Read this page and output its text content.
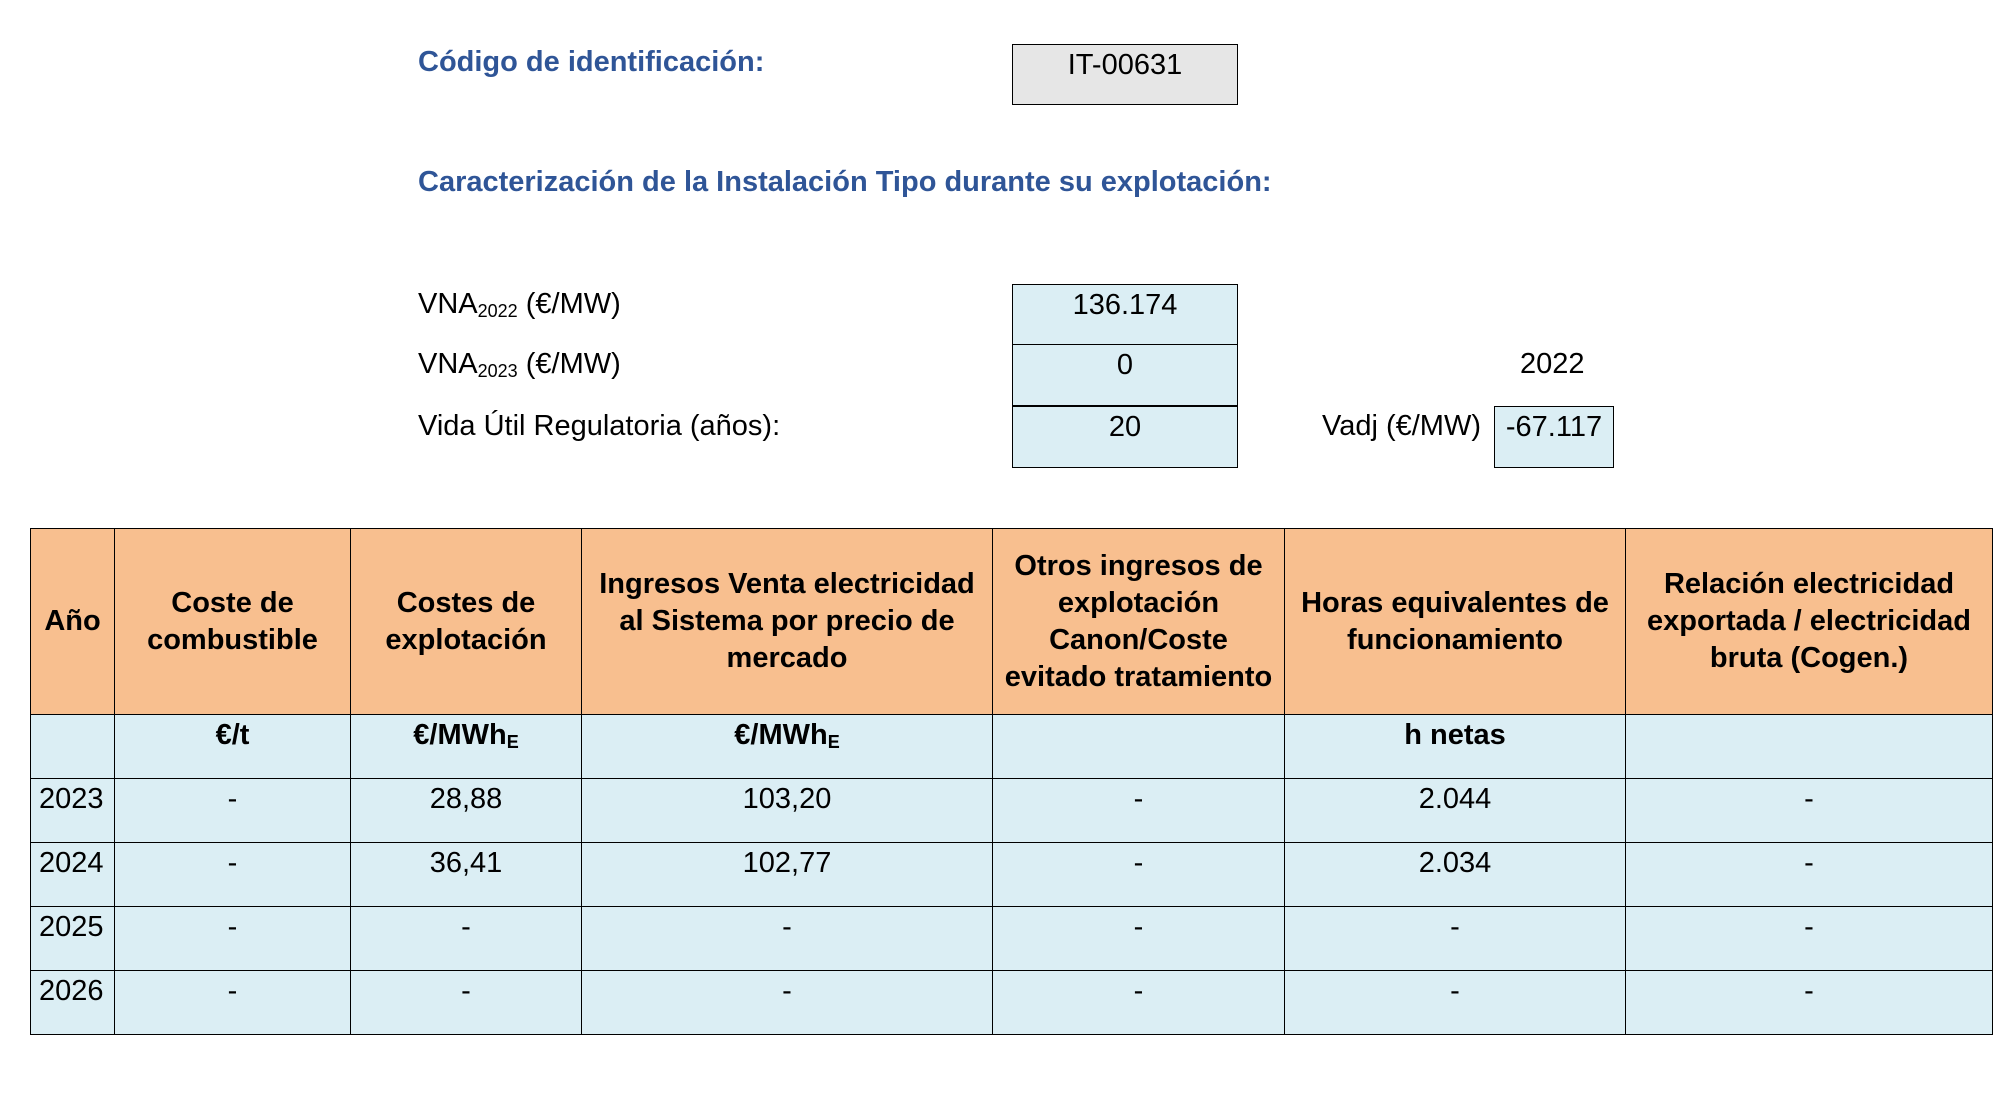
Código de identificación:	IT-00631
Caracterización de la Instalación Tipo durante su explotación:
$VNA_{2022}$ (€/MW)	136.174
$VNA_{2023}$ (€/MW)	0	2022
Vida Útil Regulatoria (años):	20	Vadj (€/MW) -67.117
Año	Coste de combustible	Costes de explotación	Ingresos Venta electricidad al Sistema por precio de mercado	Otros ingresos de explotación Canon/Coste evitado tratamiento	Horas equivalentes de funcionamiento	Relación electricidad exportada / electricidad bruta (Cogen.)
	€/t	€/MWhE	€/MWhE		h netas	
2023	-	28,88	103,20	-	2.044	-
2024	-	36,41	102,77	-	2.034	-
2025	-	-	-	-	-	-
2026	-	-	-	-	-	-
